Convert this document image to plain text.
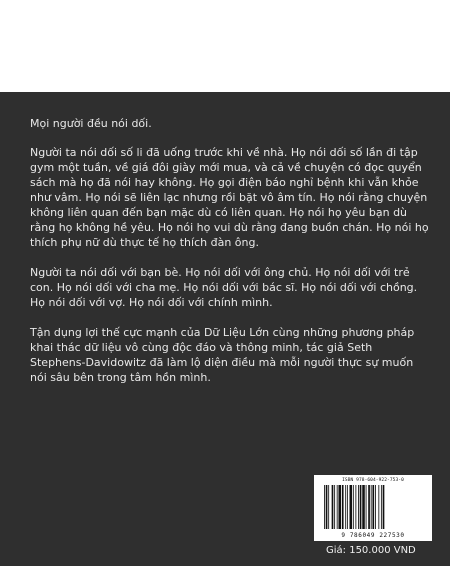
Mọi người đều nói dối.

Người ta nói dối số li đã uống trước khi về nhà. Họ nói dối số lần đi tập gym một tuần, về giá đôi giày mới mua, và cả về chuyện có đọc quyển sách mà họ đã nói hay không. Họ gọi điện báo nghỉ bệnh khi vẫn khỏe như vâm. Họ nói sẽ liên lạc nhưng rồi bặt vô âm tín. Họ nói rằng chuyện không liên quan đến bạn mặc dù có liên quan. Họ nói họ yêu bạn dù rằng họ không hề yêu. Họ nói họ vui dù rằng đang buồn chán. Họ nói họ thích phụ nữ dù thực tế họ thích đàn ông.

Người ta nói dối với bạn bè. Họ nói dối với ông chủ. Họ nói dối với trẻ con. Họ nói dối với cha mẹ. Họ nói dối với bác sĩ. Họ nói dối với chồng. Họ nói dối với vợ. Họ nói dối với chính mình.

Tận dụng lợi thế cực mạnh của Dữ Liệu Lớn cùng những phương pháp khai thác dữ liệu vô cùng độc đáo và thông minh, tác giả Seth Stephens-Davidowitz đã làm lộ diện điều mà mỗi người thực sự muốn nói sâu bên trong tâm hồn mình.

ISBN 978-604-922-753-0
9 786049 227530
Giá: 150.000 VND
